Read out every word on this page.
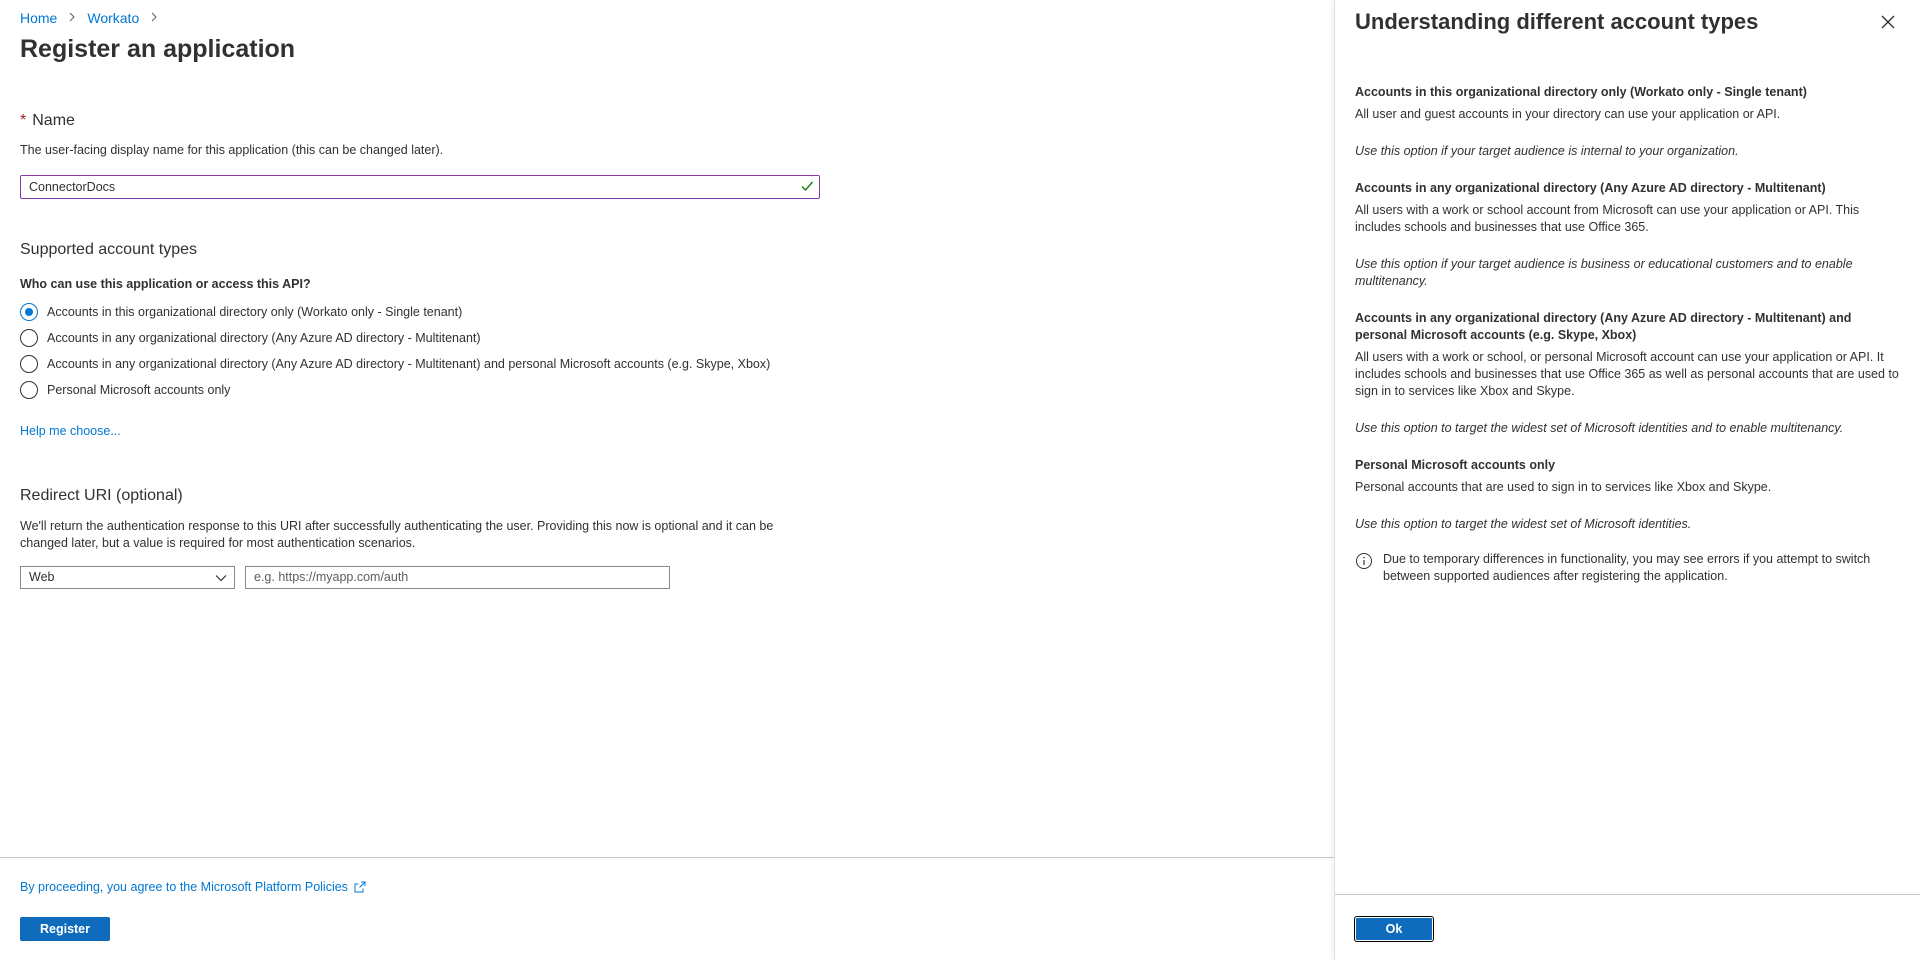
Home Workato
Register an application
* Name
The user-facing display name for this application (this can be changed later).
ConnectorDocs
Supported account types
Who can use this application or access this API?
Accounts in this organizational directory only (Workato only - Single tenant)
Accounts in any organizational directory (Any Azure AD directory - Multitenant)
Accounts in any organizational directory (Any Azure AD directory - Multitenant) and personal Microsoft accounts (e.g. Skype, Xbox)
Personal Microsoft accounts only
Help me choose...
Redirect URI (optional)
We'll return the authentication response to this URI after successfully authenticating the user. Providing this now is optional and it can be changed later, but a value is required for most authentication scenarios.
Web	e.g. https://myapp.com/auth
By proceeding, you agree to the Microsoft Platform Policies
Register
Understanding different account types
Accounts in this organizational directory only (Workato only - Single tenant)
All user and guest accounts in your directory can use your application or API.
Use this option if your target audience is internal to your organization.
Accounts in any organizational directory (Any Azure AD directory - Multitenant)
All users with a work or school account from Microsoft can use your application or API. This includes schools and businesses that use Office 365.
Use this option if your target audience is business or educational customers and to enable multitenancy.
Accounts in any organizational directory (Any Azure AD directory - Multitenant) and personal Microsoft accounts (e.g. Skype, Xbox)
All users with a work or school, or personal Microsoft account can use your application or API. It includes schools and businesses that use Office 365 as well as personal accounts that are used to sign in to services like Xbox and Skype.
Use this option to target the widest set of Microsoft identities and to enable multitenancy.
Personal Microsoft accounts only
Personal accounts that are used to sign in to services like Xbox and Skype.
Use this option to target the widest set of Microsoft identities.
Due to temporary differences in functionality, you may see errors if you attempt to switch between supported audiences after registering the application.
Ok
